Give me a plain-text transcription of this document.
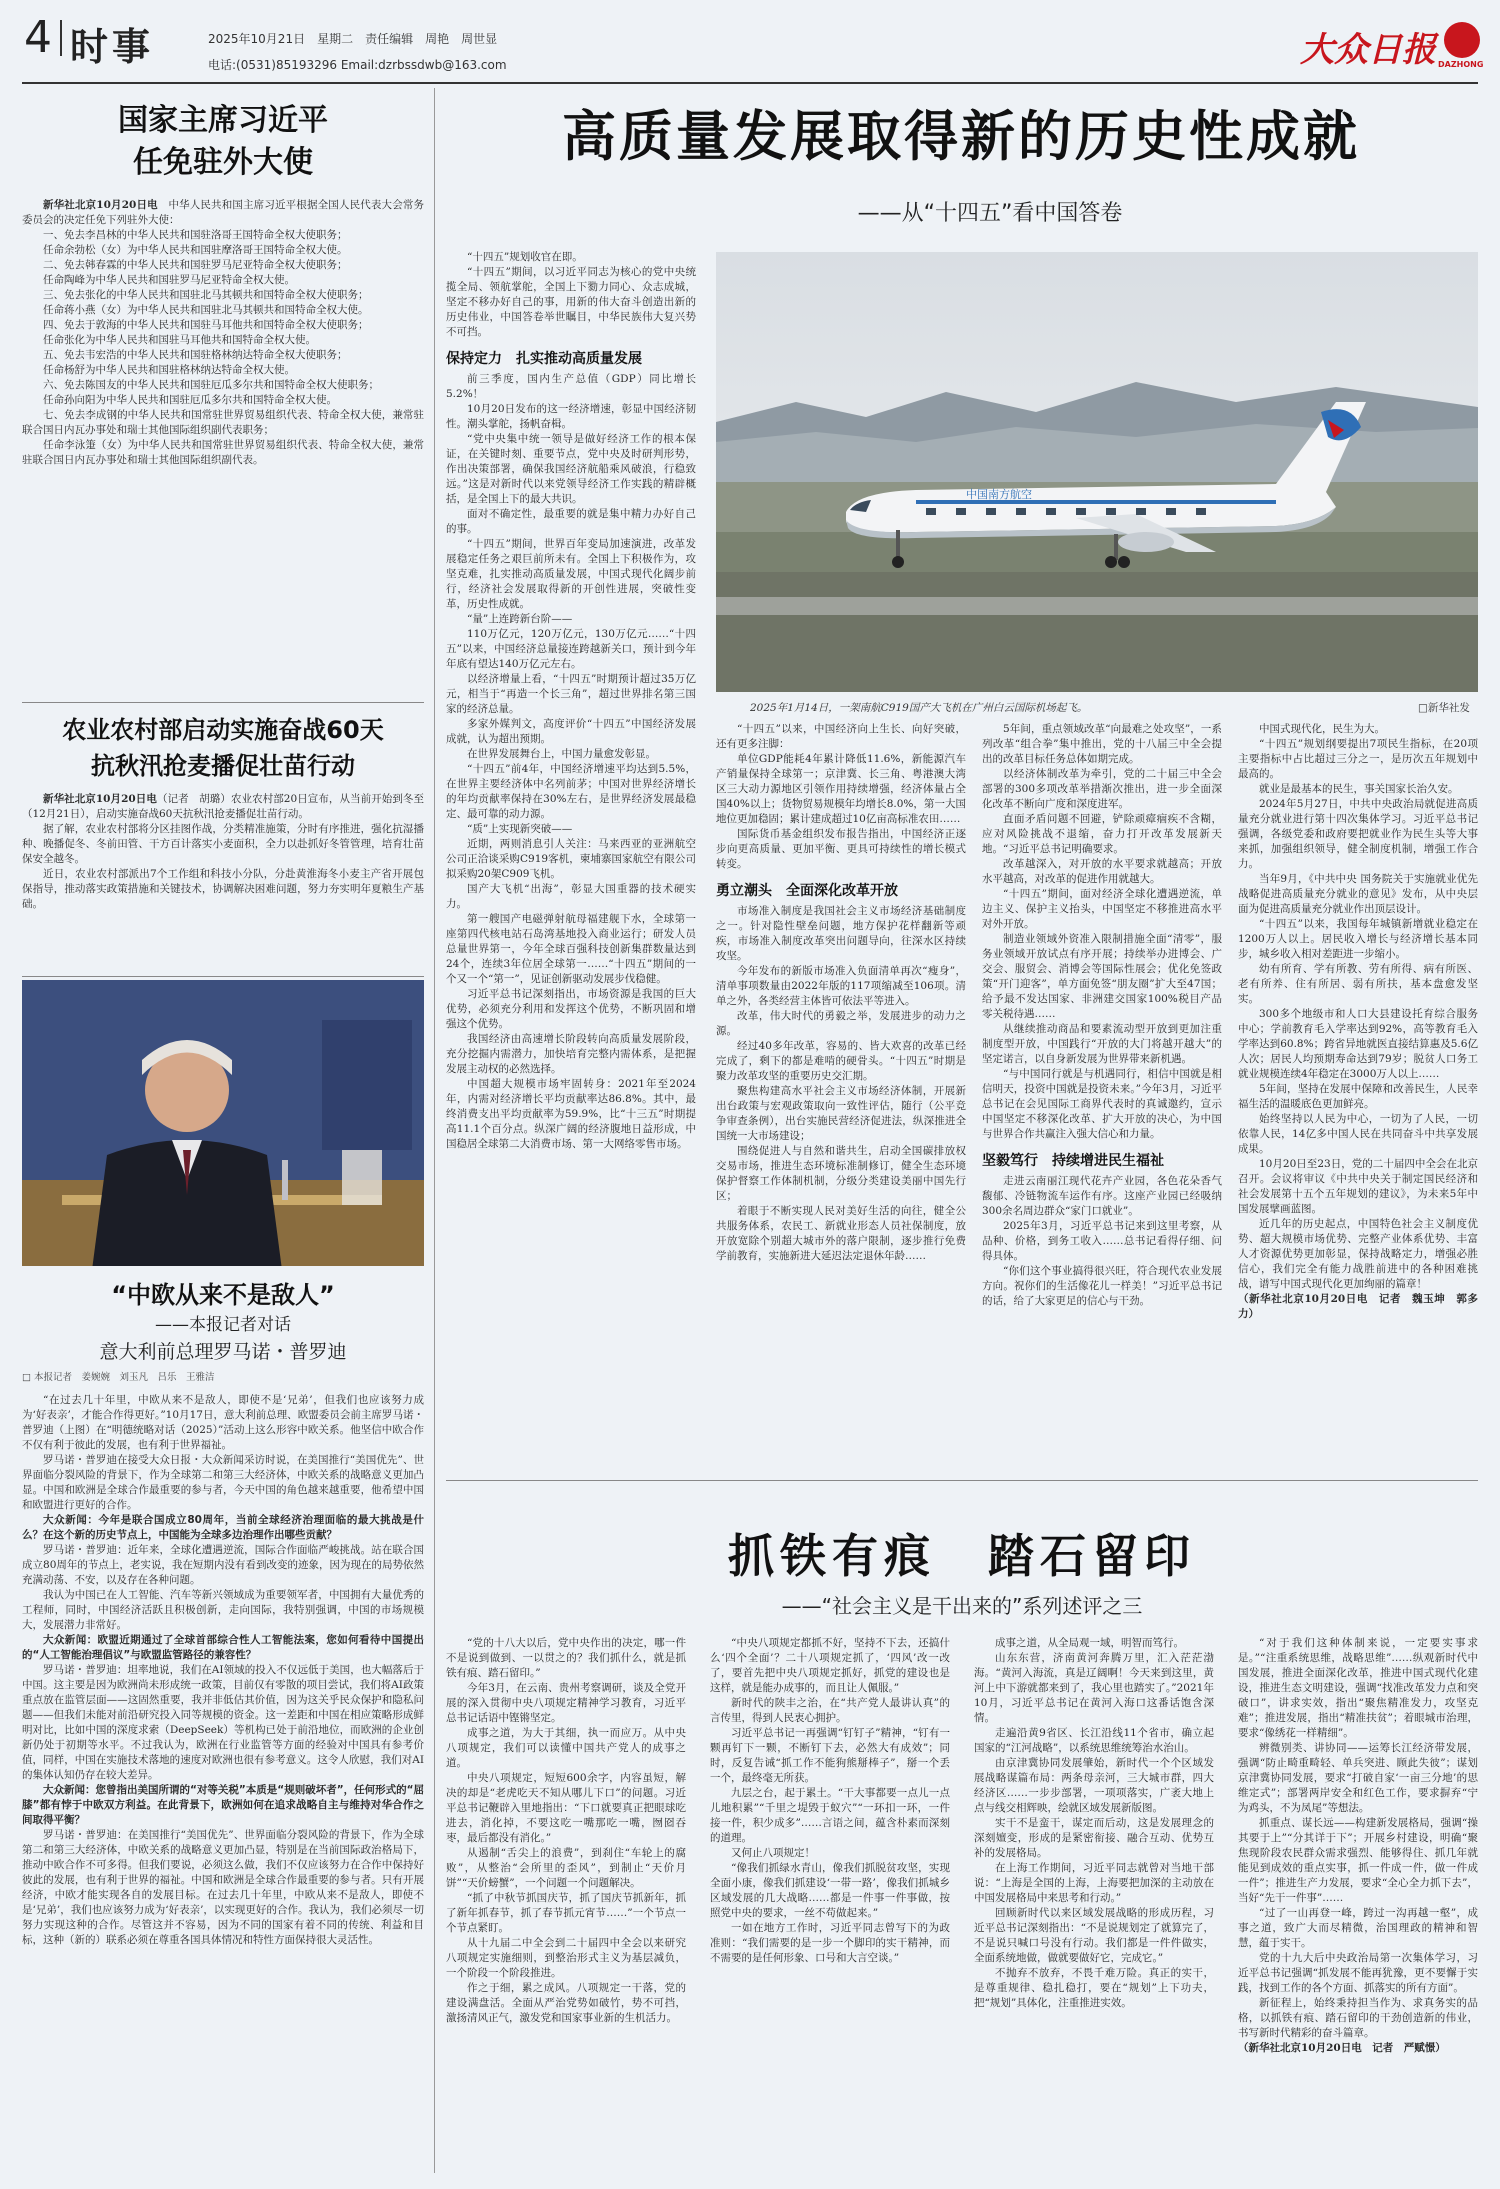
4 时事	2025年10月21日　星期二　责任编辑　周艳　周世显
电话:(0531)85193296 Email:dzrbssdwb@163.com	大众日报 DAZHONG
国家主席习近平
任免驻外大使

新华社北京10月20日电　 中华人民共和国主席习近平根据全国人民代表大会常务委员会的决定任免下列驻外大使：

一、免去李昌林的中华人民共和国驻洛哥王国特命全权大使职务；

任命余勃松（女）为中华人民共和国驻摩洛哥王国特命全权大使。

二、免去韩春霖的中华人民共和国驻罗马尼亚特命全权大使职务；

任命陶峰为中华人民共和国驻罗马尼亚特命全权大使。

三、免去张化的中华人民共和国驻北马其顿共和国特命全权大使职务；

任命蒋小燕（女）为中华人民共和国驻北马其顿共和国特命全权大使。

四、免去于敦海的中华人民共和国驻马耳他共和国特命全权大使职务；

任命张化为中华人民共和国驻马耳他共和国特命全权大使。

五、免去韦宏浩的中华人民共和国驻格林纳达特命全权大使职务；

任命杨舒为中华人民共和国驻格林纳达特命全权大使。

六、免去陈国友的中华人民共和国驻厄瓜多尔共和国特命全权大使职务；

任命孙向阳为中华人民共和国驻厄瓜多尔共和国特命全权大使。

七、免去李成钢的中华人民共和国常驻世界贸易组织代表、特命全权大使，兼常驻联合国日内瓦办事处和瑞士其他国际组织副代表职务；

任命李泳箑（女）为中华人民共和国常驻世界贸易组织代表、特命全权大使，兼常驻联合国日内瓦办事处和瑞士其他国际组织副代表。

农业农村部启动实施奋战60天
抗秋汛抢麦播促壮苗行动

新华社北京10月20日电（记者　胡璐）农业农村部20日宣布，从当前开始到冬至（12月21日），启动实施奋战60天抗秋汛抢麦播促壮苗行动。

据了解，农业农村部将分区挂图作战，分类精准施策，分时有序推进，强化抗湿播种、晚播促冬、冬前田管、干方百计落实小麦面积，全力以赴抓好冬管管理，培育壮苗保安全越冬。

近日，农业农村部派出7个工作组和科技小分队，分赴黄淮海冬小麦主产省开展包保指导，推动落实政策措施和关键技术，协调解决困难问题，努力夯实明年夏粮生产基础。

“中欧从来不是敌人”
——本报记者对话
意大利前总理罗马诺・普罗迪

□ 本报记者　姜婉婉　刘玉凡　吕乐　王雅洁

“在过去几十年里，中欧从来不是敌人，即使不是‘兄弟’，但我们也应该努力成为‘好表亲’，才能合作得更好。”10月17日，意大利前总理、欧盟委员会前主席罗马诺・普罗迪（上图）在“明德统略对话（2025）”活动上这么形容中欧关系。他坚信中欧合作不仅有利于彼此的发展，也有利于世界福祉。

罗马诺・普罗迪在接受大众日报・大众新闻采访时说，在美国推行“美国优先”、世界面临分裂风险的背景下，作为全球第二和第三大经济体，中欧关系的战略意义更加凸显。中国和欧洲是全球合作最重要的参与者，今天中国的角色越来越重要，他希望中国和欧盟进行更好的合作。

大众新闻：今年是联合国成立80周年，当前全球经济治理面临的最大挑战是什么？在这个新的历史节点上，中国能为全球多边治理作出哪些贡献？

罗马诺・普罗迪：近年来，全球化遭遇逆流，国际合作面临严峻挑战。站在联合国成立80周年的节点上，老实说，我在短期内没有看到改变的迹象，因为现在的局势依然充满动荡、不安，以及存在各种问题。

我认为中国已在人工智能、汽车等新兴领域成为重要领军者，中国拥有大量优秀的工程师，同时，中国经济活跃且积极创新，走向国际，我特别强调，中国的市场规模大，发展潜力非常好。

大众新闻：欧盟近期通过了全球首部综合性人工智能法案，您如何看待中国提出的“人工智能治理倡议”与欧盟监管路径的兼容性？

罗马诺・普罗迪：坦率地说，我们在AI领域的投入不仅远低于美国，也大幅落后于中国。这主要是因为欧洲尚未形成统一政策，目前仅有零散的项目尝试，我们将AI政策重点放在监管层面——这固然重要，我并非低估其价值，因为这关乎民众保护和隐私问题——但我们未能对前沿研究投入同等规模的资金。这一差距和中国在相应策略形成鲜明对比，比如中国的深度求索（DeepSeek）等机构已处于前沿地位，而欧洲的企业创新仍处于初期等水平。不过我认为，欧洲在行业监管等方面的经验对中国具有参考价值，同样，中国在实施技术落地的速度对欧洲也很有参考意义。这令人欣慰，我们对AI的集体认知仍存在较大差异。

大众新闻：您曾指出美国所谓的“对等关税”本质是“规则破坏者”，任何形式的“屈膝”都有悖于中欧双方利益。在此背景下，欧洲如何在追求战略自主与维持对华合作之间取得平衡？

罗马诺・普罗迪：在美国推行“美国优先”、世界面临分裂风险的背景下，作为全球第二和第三大经济体，中欧关系的战略意义更加凸显，特别是在当前国际政治格局下，推动中欧合作不可多得。但我们要说，必须这么做，我们不仅应该努力在合作中保持好彼此的发展，也有利于世界的福祉。中国和欧洲是全球合作最重要的参与者。只有开展经济，中欧才能实现各自的发展目标。在过去几十年里，中欧从来不是敌人，即使不是‘兄弟’，我们也应该努力成为‘好表亲’，以实现更好的合作。我认为，我们必须尽一切努力实现这种的合作。尽管这并不容易，因为不同的国家有着不同的传统、利益和目标，这种（新的）联系必须在尊重各国具体情况和特性方面保持很大灵活性。

高质量发展取得新的历史性成就
——从“十四五”看中国答卷

“十四五”规划收官在即。

“十四五”期间，以习近平同志为核心的党中央统揽全局、领航掌舵，全国上下勠力同心、众志成城，坚定不移办好自己的事，用新的伟大奋斗创造出新的历史伟业，中国答卷举世瞩目，中华民族伟大复兴势不可挡。

保持定力　扎实推动高质量发展

前三季度，国内生产总值（GDP）同比增长5.2%！

10月20日发布的这一经济增速，彰显中国经济韧性。潮头掌舵，扬帆奋楫。

“党中央集中统一领导是做好经济工作的根本保证，在关键时刻、重要节点，党中央及时研判形势，作出决策部署，确保我国经济航船乘风破浪，行稳致远。”这是对新时代以来党领导经济工作实践的精辟概括，是全国上下的最大共识。

面对不确定性，最重要的就是集中精力办好自己的事。

“十四五”期间，世界百年变局加速演进，改革发展稳定任务之艰巨前所未有。全国上下积极作为，攻坚克难，扎实推动高质量发展，中国式现代化阔步前行，经济社会发展取得新的开创性进展，突破性变革，历史性成就。

“量”上连跨新台阶——

110万亿元，120万亿元，130万亿元……“十四五”以来，中国经济总量接连跨越新关口，预计到今年年底有望达140万亿元左右。

以经济增量上看，“十四五”时期预计超过35万亿元，相当于“再造一个长三角”，超过世界排名第三国家的经济总量。

多家外媒判文，高度评价“十四五”中国经济发展成就，认为超出预期。

在世界发展舞台上，中国力量愈发彰显。

“十四五”前4年，中国经济增速平均达到5.5%，在世界主要经济体中名列前茅；中国对世界经济增长的年均贡献率保持在30%左右，是世界经济发展最稳定、最可靠的动力源。

“质”上实现新突破——

近期，两则消息引人关注：马来西亚的亚洲航空公司正洽谈采购C919客机，柬埔寨国家航空有限公司拟采购20架C909飞机。

国产大飞机“出海”，彰显大国重器的技术硬实力。

第一艘国产电磁弹射航母福建舰下水，全球第一座第四代核电站石岛湾基地投入商业运行；研发人员总量世界第一，今年全球百强科技创新集群数量达到24个，连续3年位居全球第一……“十四五”期间的一个又一个“第一”，见证创新驱动发展步伐稳健。

习近平总书记深刻指出，市场资源是我国的巨大优势，必须充分利用和发挥这个优势，不断巩固和增强这个优势。

我国经济由高速增长阶段转向高质量发展阶段，充分挖掘内需潜力，加快培育完整内需体系，是把握发展主动权的必然选择。

中国超大规模市场牢固转身：2021年至2024年，内需对经济增长平均贡献率达86.8%。其中，最终消费支出平均贡献率为59.9%，比“十三五”时期提高11.1个百分点。纵深广阔的经济腹地日益形成，中国稳居全球第二大消费市场、第一大网络零售市场。

中国南方航空
2025年1月14日，一架南航C919国产大飞机在广州白云国际机场起飞。	□新华社发

“十四五”以来，中国经济向上生长、向好突破，还有更多注脚：

单位GDP能耗4年累计降低11.6%，新能源汽车产销量保持全球第一；京津冀、长三角、粤港澳大湾区三大动力源地区引领作用持续增强，经济体量占全国40%以上；货物贸易规模年均增长8.0%，第一大国地位更加稳固；累计建成超过10亿亩高标准农田……

国际货币基金组织发布报告指出，中国经济正逐步向更高质量、更加平衡、更具可持续性的增长模式转变。

勇立潮头　全面深化改革开放

市场准入制度是我国社会主义市场经济基础制度之一。针对隐性壁垒问题，地方保护花样翻新等顽疾，市场准入制度改革突出问题导向，往深水区持续攻坚。

今年发布的新版市场准入负面清单再次“瘦身”，清单事项数量由2022年版的117项缩减至106项。清单之外，各类经营主体皆可依法平等进入。

改革，伟大时代的勇毅之举，发展进步的动力之源。

经过40多年改革，容易的、皆大欢喜的改革已经完成了，剩下的都是难啃的硬骨头。“十四五”时期是聚力改革攻坚的重要历史交汇期。

聚焦构建高水平社会主义市场经济体制，开展新出台政策与宏观政策取向一致性评估，随行（公平竞争审查条例），出台实施民营经济促进法，纵深推进全国统一大市场建设；

围绕促进人与自然和谐共生，启动全国碳排放权交易市场，推进生态环境标准制修订，健全生态环境保护督察工作体制机制，分级分类建设美丽中国先行区；

着眼于不断实现人民对美好生活的向往，健全公共服务体系，农民工、新就业形态人员社保制度，放开放宽除个别超大城市外的落户限制，逐步推行免费学前教育，实施新进大延迟法定退休年龄……

5年间，重点领域改革“向最难之处攻坚”，一系列改革“组合拳”集中推出，党的十八届三中全会提出的改革目标任务总体如期完成。

以经济体制改革为牵引，党的二十届三中全会部署的300多项改革举措渐次推出，进一步全面深化改革不断向广度和深度进军。

直面矛盾问题不回避，铲除顽瘴痼疾不含糊，应对风险挑战不退缩，奋力打开改革发展新天地。“习近平总书记明确要求。

改革越深入，对开放的水平要求就越高；开放水平越高，对改革的促进作用就越大。

“十四五”期间，面对经济全球化遭遇逆流，单边主义、保护主义抬头，中国坚定不移推进高水平对外开放。

制造业领域外资准入限制措施全面“清零”，服务业领域开放试点有序开展；持续举办进博会、广交会、服贸会、消博会等国际性展会；优化免签政策“开门迎客”，单方面免签“朋友圈”扩大至47国；给予最不发达国家、非洲建交国家100%税目产品零关税待遇……

从继续推动商品和要素流动型开放到更加注重制度型开放，中国践行“开放的大门将越开越大”的坚定诺言，以自身新发展为世界带来新机遇。

“与中国同行就是与机遇同行，相信中国就是相信明天，投资中国就是投资未来。”今年3月，习近平总书记在会见国际工商界代表时的真诚邀约，宣示中国坚定不移深化改革、扩大开放的决心，为中国与世界合作共赢注入强大信心和力量。

坚毅笃行　持续增进民生福祉

走进云南丽江现代花卉产业园，各色花朵香气馥郁、冷链物流车运作有序。这座产业园已经吸纳300余名周边群众“家门口就业”。

2025年3月，习近平总书记来到这里考察，从品种、价格，到务工收入……总书记看得仔细、问得具体。

“你们这个事业搞得很兴旺，符合现代农业发展方向。祝你们的生活像花儿一样美！”习近平总书记的话，给了大家更足的信心与干劲。

中国式现代化，民生为大。

“十四五”规划纲要提出7项民生指标，在20项主要指标中占比超过三分之一，是历次五年规划中最高的。

就业是最基本的民生，事关国家长治久安。

2024年5月27日，中共中央政治局就促进高质量充分就业进行第十四次集体学习。习近平总书记强调，各级党委和政府要把就业作为民生头等大事来抓，加强组织领导，健全制度机制，增强工作合力。

当年9月，《中共中央 国务院关于实施就业优先战略促进高质量充分就业的意见》发布，从中央层面为促进高质量充分就业作出顶层设计。

“十四五”以来，我国每年城镇新增就业稳定在1200万人以上。居民收入增长与经济增长基本同步，城乡收入相对差距进一步缩小。

幼有所育、学有所教、劳有所得、病有所医、老有所养、住有所居、弱有所扶，基本盘愈发坚实。

300多个地级市和人口大县建设托育综合服务中心；学前教育毛入学率达到92%，高等教育毛入学率达到60.8%；跨省异地就医直接结算惠及5.6亿人次；居民人均预期寿命达到79岁；脱贫人口务工就业规模连续4年稳定在3000万人以上……

5年间，坚持在发展中保障和改善民生，人民幸福生活的温暖底色更加鲜亮。

始终坚持以人民为中心，一切为了人民，一切依靠人民，14亿多中国人民在共同奋斗中共享发展成果。

10月20日至23日，党的二十届四中全会在北京召开。会议将审议《中共中央关于制定国民经济和社会发展第十五个五年规划的建议》，为未来5年中国发展擘画蓝图。

近几年的历史起点，中国特色社会主义制度优势、超大规模市场优势、完整产业体系优势、丰富人才资源优势更加彰显，保持战略定力，增强必胜信心，我们完全有能力战胜前进中的各种困难挑战，谱写中国式现代化更加绚丽的篇章！

（新华社北京10月20日电　记者　魏玉坤　郭多力）

抓铁有痕　踏石留印
——“社会主义是干出来的”系列述评之三

“党的十八大以后，党中央作出的决定，哪一件不是说到做到、一以贯之的？我们抓什么，就是抓铁有痕、踏石留印。”

今年3月，在云南、贵州考察调研，谈及全党开展的深入贯彻中央八项规定精神学习教育，习近平总书记话语中铿锵坚定。

成事之道，为大于其细，执一而应万。从中央八项规定，我们可以读懂中国共产党人的成事之道。

中央八项规定，短短600余字，内容虽短，解决的却是“老虎吃天不知从哪儿下口”的问题。习近平总书记鞭辟入里地指出：“下口就要真正把眼球吃进去，消化掉，不要这吃一嘴那吃一嘴，囫囵吞枣，最后都没有消化。”

从遏制“舌尖上的浪费”，到刹住“车轮上的腐败”，从整治“会所里的歪风”，到制止“天价月饼”“天价螃蟹”，一个问题一个问题解决。

“抓了中秋节抓国庆节，抓了国庆节抓新年，抓了新年抓春节，抓了春节抓元宵节……”一个节点一个节点紧盯。

从十九届二中全会到二十届四中全会以来研究八项规定实施细则，到整治形式主义为基层减负，一个阶段一个阶段推进。

作之于细，累之成风。八项规定一干落，党的建设满盘活。全面从严治党势如破竹，势不可挡，激扬清风正气，激发党和国家事业新的生机活力。

“中央八项规定都抓不好，坚持不下去，还搞什么‘四个全面’？二十八项规定抓了，‘四风’改一改了，要首先把中央八项规定抓好，抓党的建设也是这样，就是能办成事的，而且让人佩服。”

新时代的陕丰之治，在“共产党人最讲认真”的言传里，得到人民衷心拥护。

习近平总书记一再强调“钉钉子”精神，“钉有一颗再钉下一颗，不断钉下去，必然大有成效”；同时，反复告诫“抓工作不能狗熊掰棒子”，掰一个丢一个，最终毫无所获。

九层之台，起于累土。“干大事都要一点儿一点儿地积累”“千里之堤毁于蚁穴”“一环扣一环，一件接一件，积少成多”……言语之间，蕴含朴素而深刻的道理。

又何止八项规定！

“像我们抓绿水青山，像我们抓脱贫攻坚，实现全面小康，像我们抓建设‘一带一路’，像我们抓城乡区域发展的几大战略……都是一件事一件事做，按照党中央的要求，一丝不苟做起来。”

一如在地方工作时，习近平同志曾写下的为政准则：“我们需要的是一步一个脚印的实干精神，而不需要的是任何形象、口号和大言空谈。”

成事之道，从全局观一域，明智而笃行。

山东东营，济南黄河奔腾万里，汇入茫茫渤海。“黄河入海流，真是辽阔啊！今天来到这里，黄河上中下游就都来到了，我心里也踏实了。”2021年10月，习近平总书记在黄河入海口这番话饱含深情。

走遍沿黄9省区、长江沿线11个省市，确立起国家的“江河战略”，以系统思维统筹治水治山。

由京津冀协同发展肇始，新时代一个个区域发展战略谋篇布局：两条母亲河，三大城市群，四大经济区……一步步部署，一项项落实，广袤大地上点与线交相辉映，绘就区域发展新版图。

实干不是蛮干，谋定而后动，这是发展理念的深刻嬗变，形成的是紧密衔接、融合互动、优势互补的发展格局。

在上海工作期间，习近平同志就曾对当地干部说：“上海是全国的上海，上海要把加深的主动放在中国发展格局中来思考和行动。”

回顾新时代以来区域发展战略的形成历程，习近平总书记深刻指出：“不是说规划定了就算完了，不是说只喊口号没有行动。我们都是一件件做实，全面系统地做，做就要做好它，完成它。”

不抛弃不放弃，不畏千难万险。真正的实干，是尊重规律、稳扎稳打，要在“规划”上下功夫，把“规划”具体化，注重推进实效。

“对于我们这种体制来说，一定要实事求是。”“注重系统思维，战略思维”……纵观新时代中国发展，推进全面深化改革，推进中国式现代化建设，推进生态文明建设，强调“找准改革发力点和突破口”，讲求实效，指出“聚焦精准发力，攻坚克难”；推进发展，指出“精准扶贫”；着眼城市治理，要求“像绣花一样精细”。

辨微别类、讲协同——运筹长江经济带发展，强调“防止畸重畸轻、单兵突进、顾此失彼”；谋划京津冀协同发展，要求“打破自家‘一亩三分地’的思维定式”；部署两岸安全和红色工作，要求摒弃“宁为鸡头，不为凤尾”等想法。

抓重点、谋长远——构建新发展格局，强调“操其要于上”“分其详于下”；开展乡村建设，明确“聚焦现阶段农民群众需求强烈、能够得住、抓几年就能见到成效的重点实事，抓一件成一件，做一件成一件”；推进生产力发展，要求“全心全力抓下去”，当好“先干一件事”……

“过了一山再登一峰，跨过一沟再越一壑”，成事之道，致广大而尽精微，治国理政的精神和智慧，蕴于实干。

党的十九大后中央政治局第一次集体学习，习近平总书记强调“抓发展不能再犹豫，更不要懈于实践，找到工作的各个方面、抓落实的所有方面”。

新征程上，始终秉持担当作为、求真务实的品格，以抓铁有痕、踏石留印的干劲创造新的伟业，书写新时代精彩的奋斗篇章。

（新华社北京10月20日电　记者　严赋憬）
